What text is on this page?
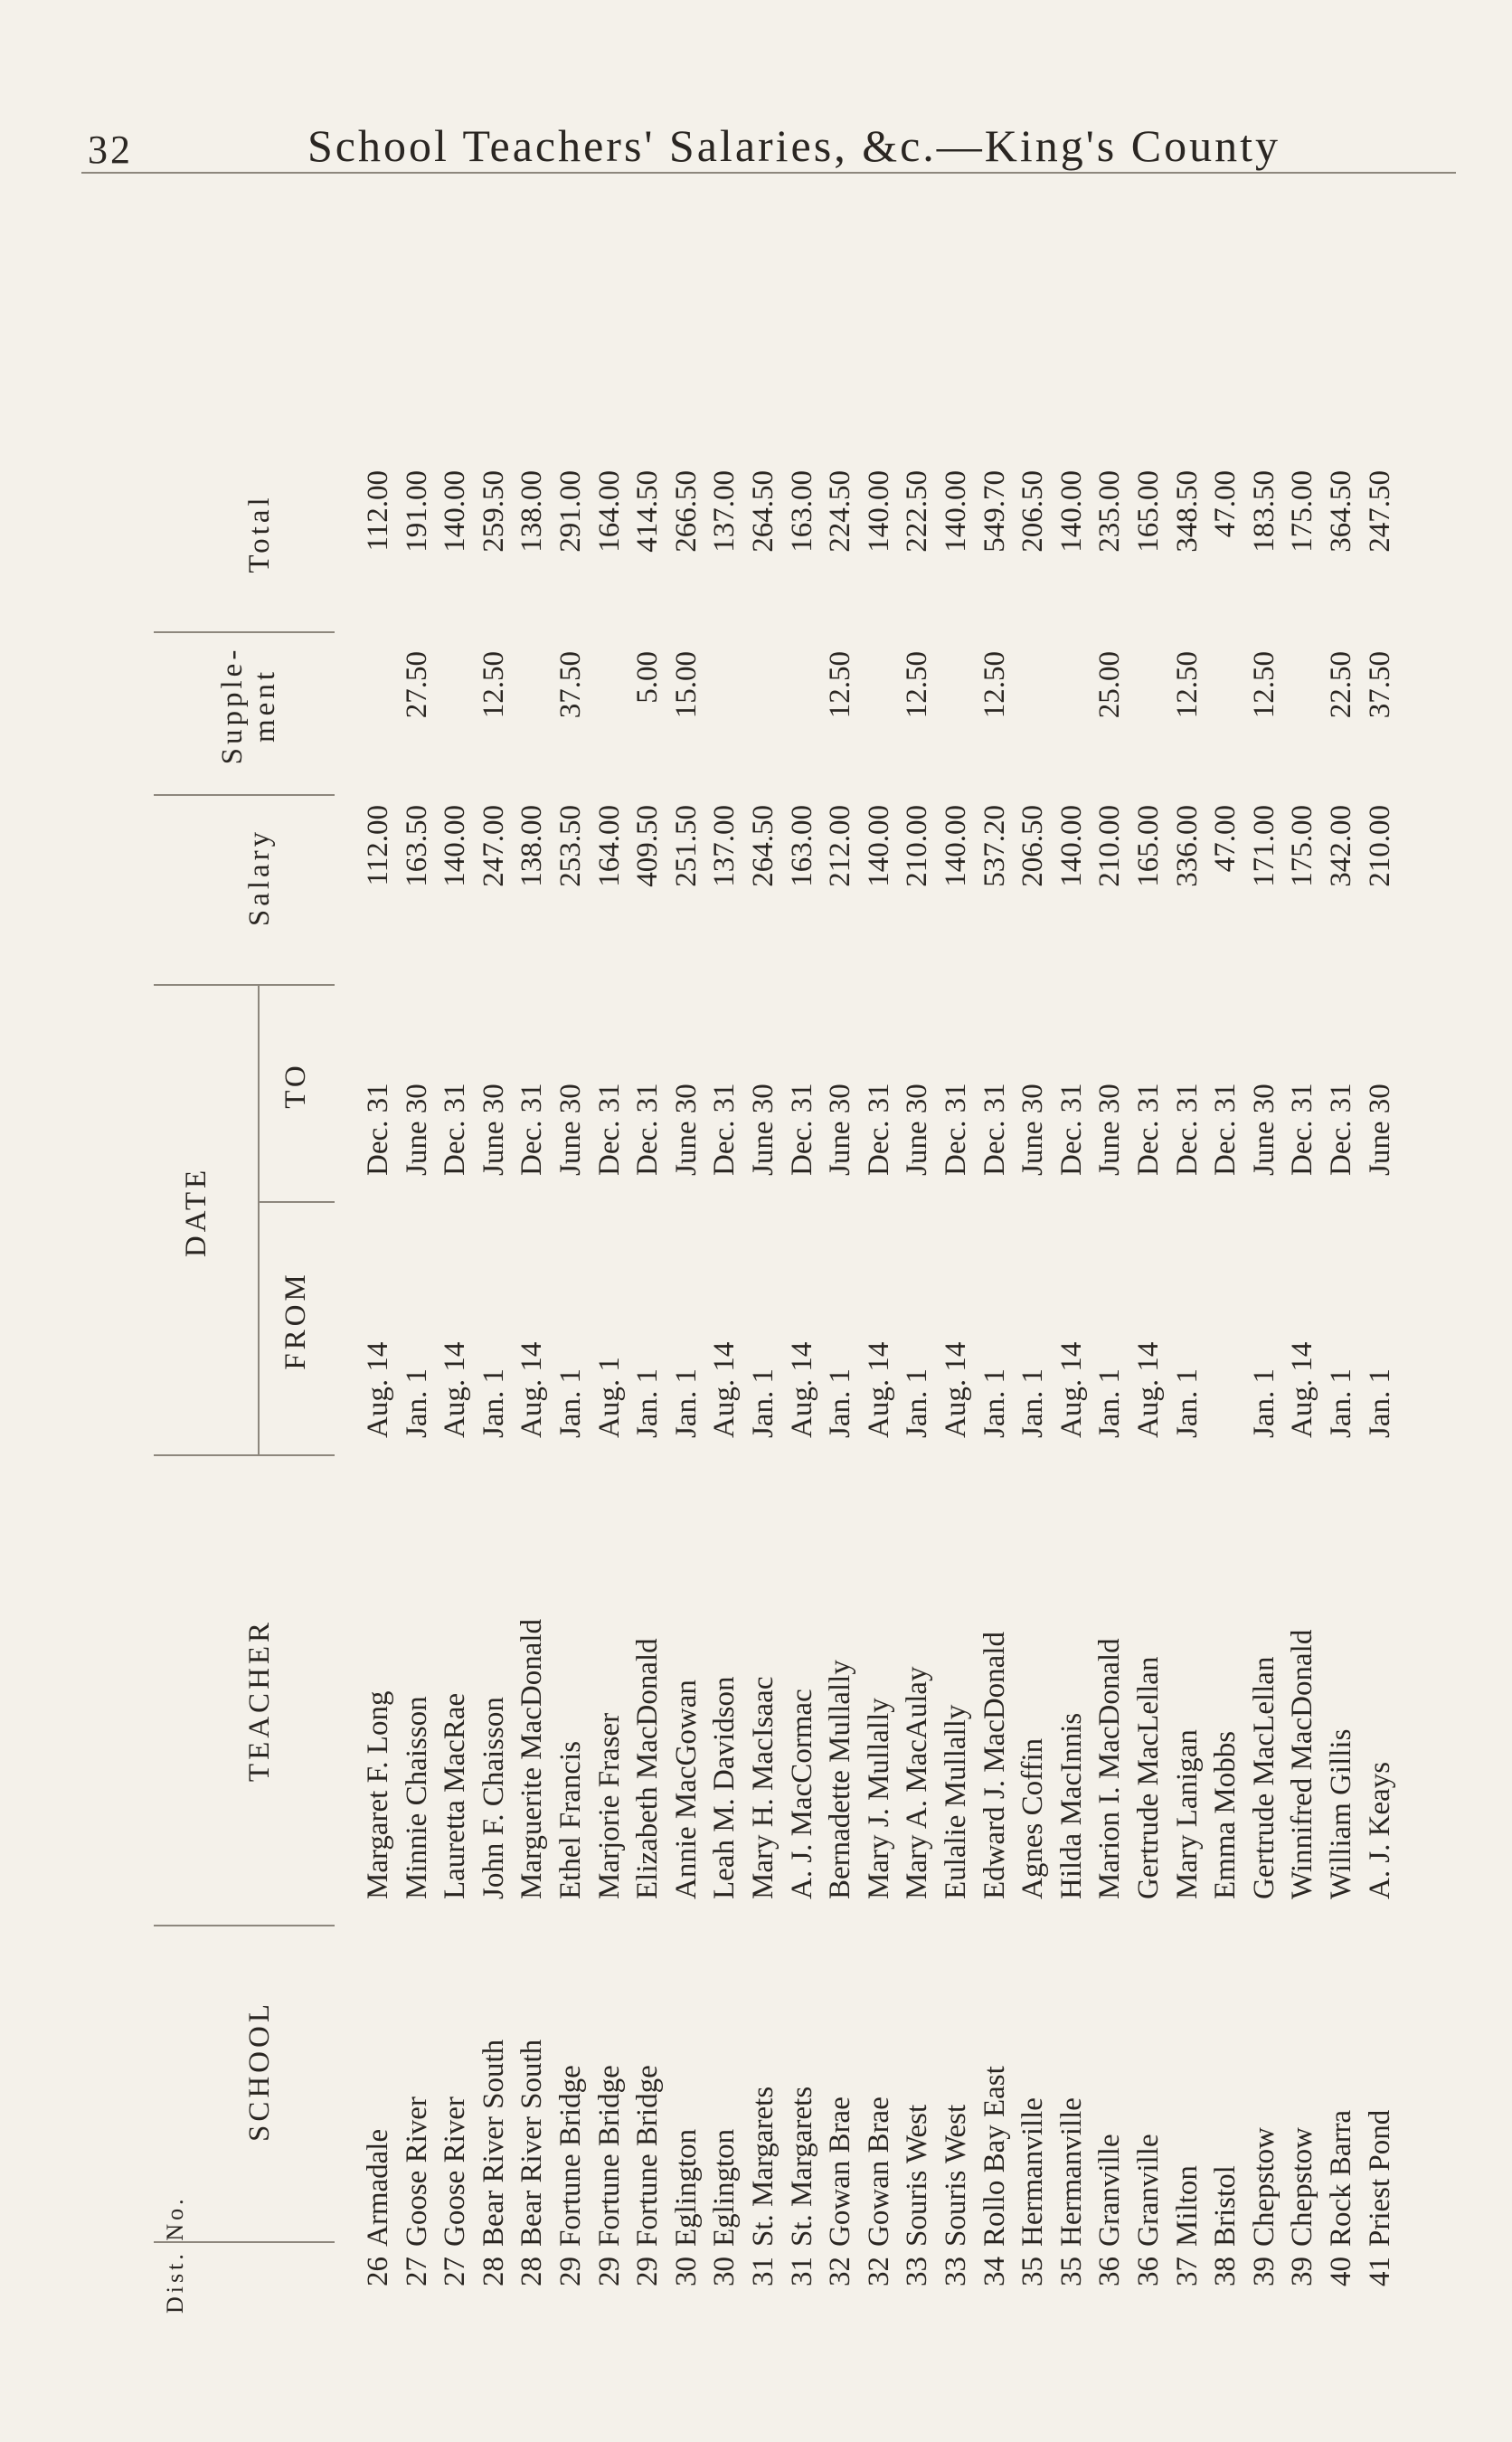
32	School Teachers' Salaries, &c.—King's County
Dist. No.
SCHOOL
TEACHER
DATE
FROM
TO
Salary
Supple- ment
Total
26
Armadale
Margaret F. Long
Aug. 14
Dec. 31
112.00
112.00
27
Goose River
Minnie Chaisson
Jan. 1
June 30
163.50
27.50
191.00
27
Goose River
Lauretta MacRae
Aug. 14
Dec. 31
140.00
140.00
28
Bear River South
John F. Chaisson
Jan. 1
June 30
247.00
12.50
259.50
28
Bear River South
Marguerite MacDonald
Aug. 14
Dec. 31
138.00
138.00
29
Fortune Bridge
Ethel Francis
Jan. 1
June 30
253.50
37.50
291.00
29
Fortune Bridge
Marjorie Fraser
Aug. 1
Dec. 31
164.00
164.00
29
Fortune Bridge
Elizabeth MacDonald
Jan. 1
Dec. 31
409.50
5.00
414.50
30
Eglington
Annie MacGowan
Jan. 1
June 30
251.50
15.00
266.50
30
Eglington
Leah M. Davidson
Aug. 14
Dec. 31
137.00
137.00
31
St. Margarets
Mary H. MacIsaac
Jan. 1
June 30
264.50
264.50
31
St. Margarets
A. J. MacCormac
Aug. 14
Dec. 31
163.00
163.00
32
Gowan Brae
Bernadette Mullally
Jan. 1
June 30
212.00
12.50
224.50
32
Gowan Brae
Mary J. Mullally
Aug. 14
Dec. 31
140.00
140.00
33
Souris West
Mary A. MacAulay
Jan. 1
June 30
210.00
12.50
222.50
33
Souris West
Eulalie Mullally
Aug. 14
Dec. 31
140.00
140.00
34
Rollo Bay East
Edward J. MacDonald
Jan. 1
Dec. 31
537.20
12.50
549.70
35
Hermanville
Agnes Coffin
Jan. 1
June 30
206.50
206.50
35
Hermanville
Hilda MacInnis
Aug. 14
Dec. 31
140.00
140.00
36
Granville
Marion I. MacDonald
Jan. 1
June 30
210.00
25.00
235.00
36
Granville
Gertrude MacLellan
Aug. 14
Dec. 31
165.00
165.00
37
Milton
Mary Lanigan
Jan. 1
Dec. 31
336.00
12.50
348.50
38
Bristol
Emma Mobbs
Dec. 31
47.00
47.00
39
Chepstow
Gertrude MacLellan
Jan. 1
June 30
171.00
12.50
183.50
39
Chepstow
Winnifred MacDonald
Aug. 14
Dec. 31
175.00
175.00
40
Rock Barra
William Gillis
Jan. 1
Dec. 31
342.00
22.50
364.50
41
Priest Pond
A. J. Keays
Jan. 1
June 30
210.00
37.50
247.50
